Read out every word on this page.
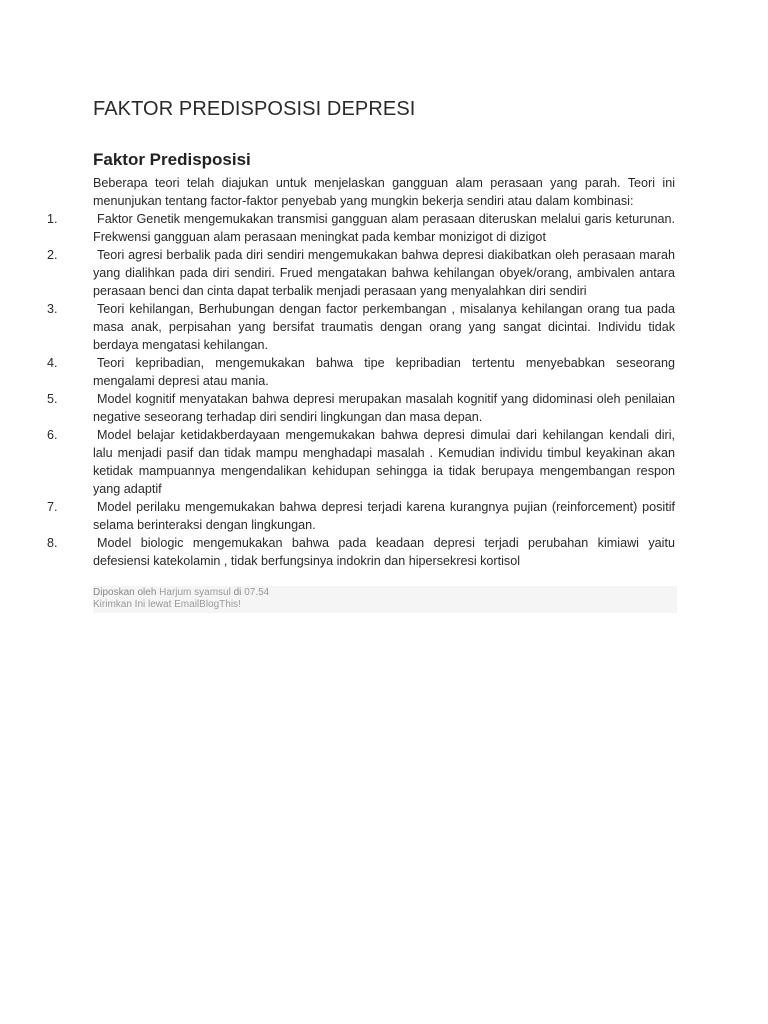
FAKTOR PREDISPOSISI DEPRESI
Faktor Predisposisi

Beberapa teori telah diajukan untuk menjelaskan gangguan alam perasaan yang parah. Teori ini menunjukan tentang factor-faktor penyebab yang mungkin bekerja sendiri atau dalam kombinasi:

1.	Faktor Genetik mengemukakan transmisi gangguan alam perasaan diteruskan melalui garis keturunan. Frekwensi gangguan alam perasaan meningkat pada kembar monizigot di dizigot
2.	Teori agresi berbalik pada diri sendiri mengemukakan bahwa depresi diakibatkan oleh perasaan marah yang dialihkan pada diri sendiri. Frued mengatakan bahwa kehilangan obyek/orang, ambivalen antara perasaan benci dan cinta dapat terbalik menjadi perasaan yang menyalahkan diri sendiri
3.	Teori kehilangan, Berhubungan dengan factor perkembangan , misalanya kehilangan orang tua pada masa anak, perpisahan yang bersifat traumatis dengan orang yang sangat dicintai. Individu tidak berdaya mengatasi kehilangan.
4.	Teori kepribadian, mengemukakan bahwa tipe kepribadian tertentu menyebabkan seseorang mengalami depresi atau mania.
5.	Model kognitif menyatakan bahwa depresi merupakan masalah kognitif yang didominasi oleh penilaian negative seseorang terhadap diri sendiri lingkungan dan masa depan.
6.	Model belajar ketidakberdayaan mengemukakan bahwa depresi dimulai dari kehilangan kendali diri, lalu menjadi pasif dan tidak mampu menghadapi masalah . Kemudian individu timbul keyakinan akan ketidak mampuannya mengendalikan kehidupan sehingga ia tidak berupaya mengembangan respon yang adaptif
7.	Model perilaku mengemukakan bahwa depresi terjadi karena kurangnya pujian (reinforcement) positif selama berinteraksi dengan lingkungan.
8.	Model biologic mengemukakan bahwa pada keadaan depresi terjadi perubahan kimiawi yaitu defesiensi katekolamin , tidak berfungsinya indokrin dan hipersekresi kortisol
Diposkan oleh Harjum syamsul di 07.54
Kirimkan Ini lewat EmailBlogThis!
